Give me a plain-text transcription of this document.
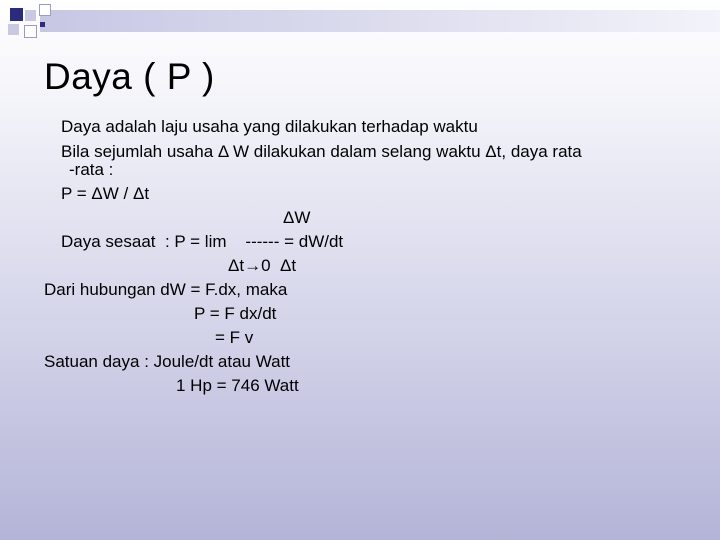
Daya ( P )
Daya adalah laju usaha yang dilakukan terhadap waktu
Bila sejumlah usaha Δ W dilakukan dalam selang waktu Δt, daya rata
-rata :
P = ΔW / Δt
ΔW
Daya sesaat  : P = lim    ------ = dW/dt
Δt→0  Δt
Dari hubungan dW = F.dx, maka
P = F dx/dt
= F v
Satuan daya : Joule/dt atau Watt
1 Hp = 746 Watt
